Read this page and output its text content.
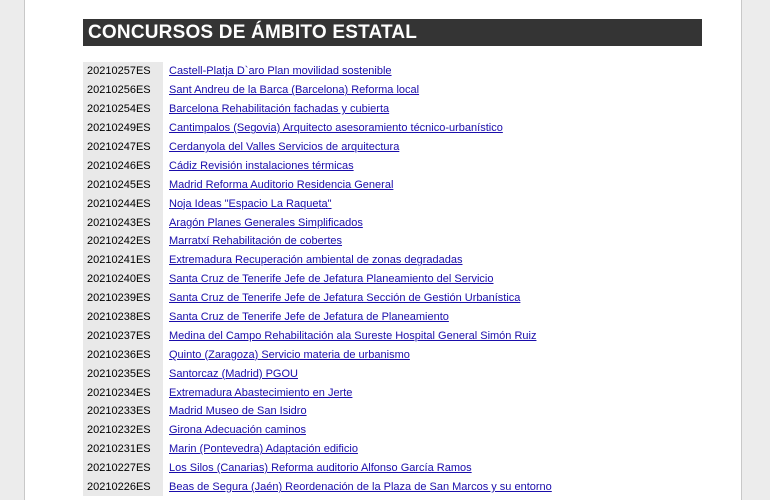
CONCURSOS DE ÁMBITO ESTATAL
20210257ES	Castell-Platja D`aro Plan movilidad sostenible
20210256ES	Sant Andreu de la Barca (Barcelona) Reforma local
20210254ES	Barcelona Rehabilitación fachadas y cubierta
20210249ES	Cantimpalos (Segovia) Arquitecto asesoramiento técnico-urbanístico
20210247ES	Cerdanyola del Valles Servicios de arquitectura
20210246ES	Cádiz Revisión instalaciones térmicas
20210245ES	Madrid Reforma Auditorio Residencia General
20210244ES	Noja Ideas "Espacio La Raqueta"
20210243ES	Aragón Planes Generales Simplificados
20210242ES	Marratxí Rehabilitación de cobertes
20210241ES	Extremadura Recuperación ambiental de zonas degradadas
20210240ES	Santa Cruz de Tenerife Jefe de Jefatura Planeamiento del Servicio
20210239ES	Santa Cruz de Tenerife Jefe de Jefatura Sección de Gestión Urbanística
20210238ES	Santa Cruz de Tenerife Jefe de Jefatura de Planeamiento
20210237ES	Medina del Campo Rehabilitación ala Sureste Hospital General Simón Ruiz
20210236ES	Quinto (Zaragoza) Servicio materia de urbanismo
20210235ES	Santorcaz (Madrid) PGOU
20210234ES	Extremadura Abastecimiento en Jerte
20210233ES	Madrid Museo de San Isidro
20210232ES	Girona Adecuación caminos
20210231ES	Marin (Pontevedra) Adaptación edificio
20210227ES	Los Silos (Canarias) Reforma auditorio Alfonso García Ramos
20210226ES	Beas de Segura (Jaén) Reordenación de la Plaza de San Marcos y su entorno
